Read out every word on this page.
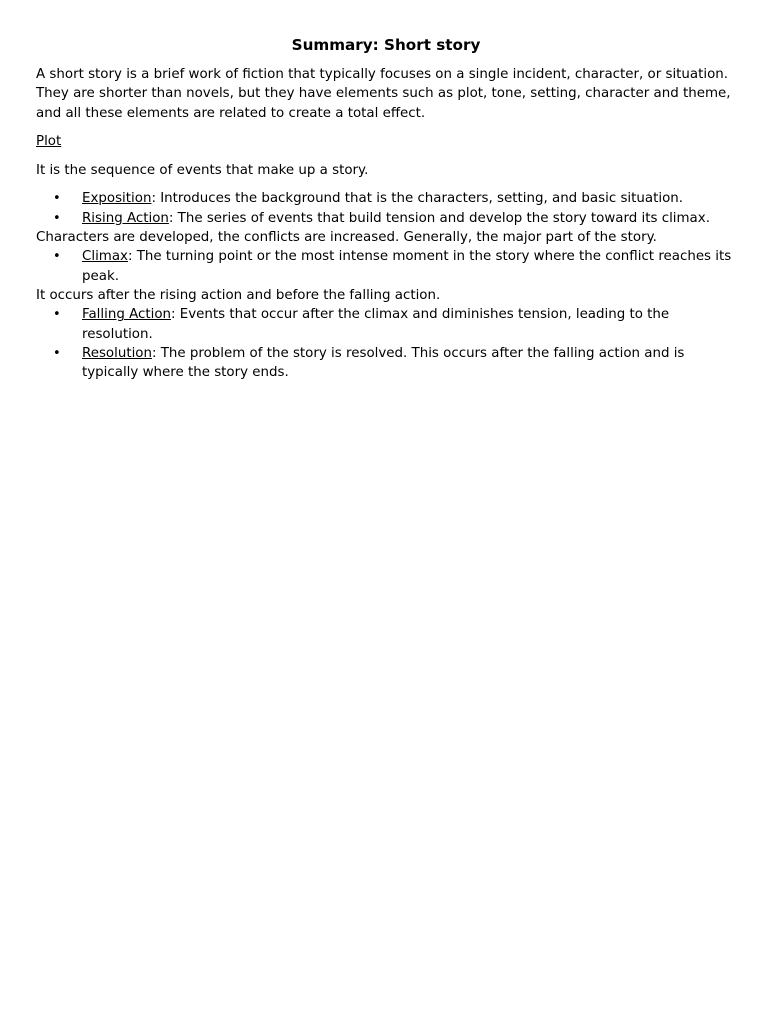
Summary: Short story

A short story is a brief work of fiction that typically focuses on a single incident, character, or situation. They are shorter than novels, but they have elements such as plot, tone, setting, character and theme, and all these elements are related to create a total effect.

Plot

It is the sequence of events that make up a story.

• Exposition: Introduces the background that is the characters, setting, and basic situation.
• Rising Action: The series of events that build tension and develop the story toward its climax.
Characters are developed, the conflicts are increased. Generally, the major part of the story.
• Climax: The turning point or the most intense moment in the story where the conflict reaches its peak.
It occurs after the rising action and before the falling action.
• Falling Action: Events that occur after the climax and diminishes tension, leading to the resolution.
• Resolution: The problem of the story is resolved. This occurs after the falling action and is typically where the story ends.
